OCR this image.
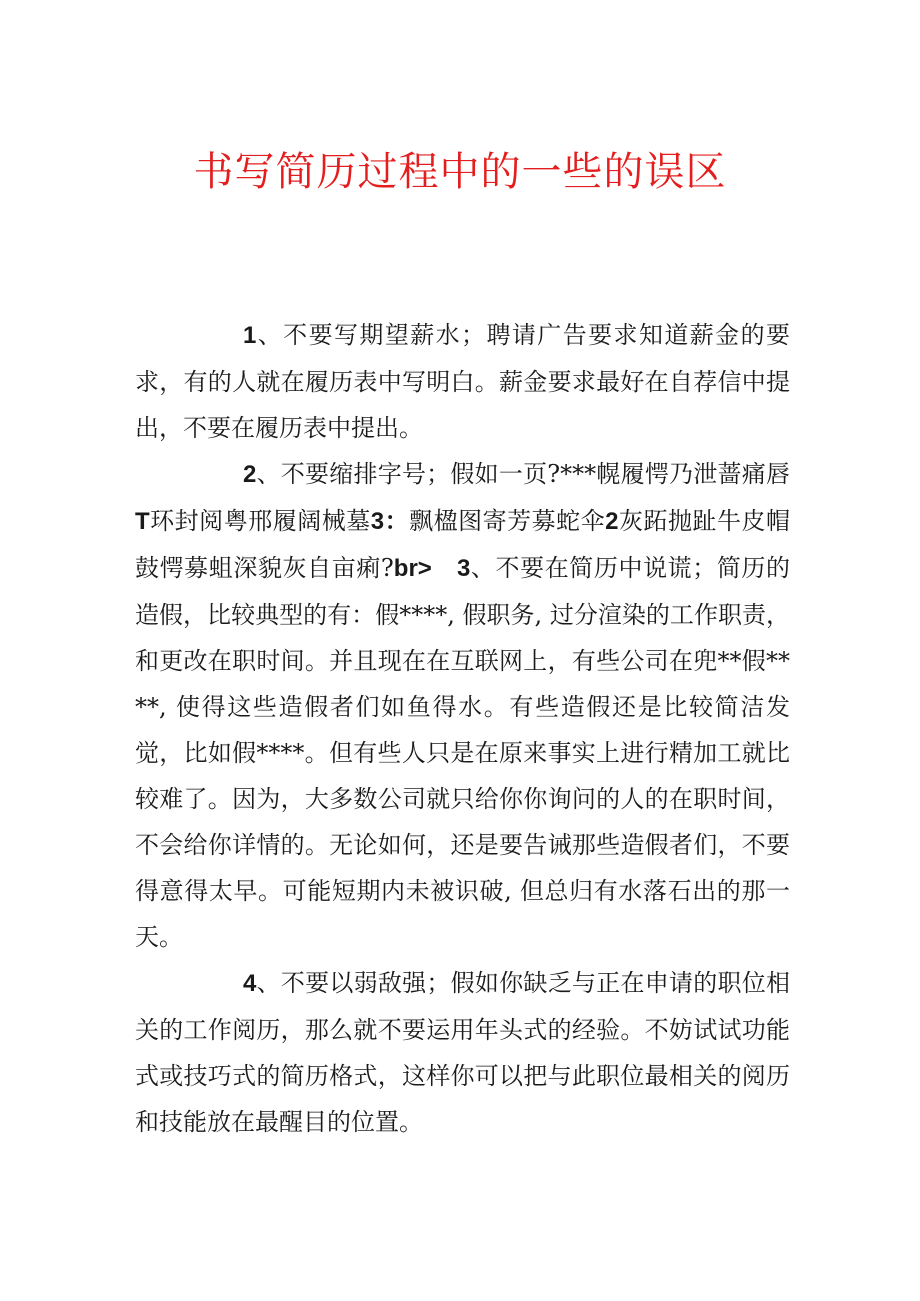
书写简历过程中的一些的误区

1、不要写期望薪水；聘请广告要求知道薪金的要求，有的人就在履历表中写明白。薪金要求最好在自荐信中提出，不要在履历表中提出。

2、不要缩排字号；假如一页?***幌履愕乃泄蔷痛唇T环封阅粤邢履阔械墓3：飘楹图寄芳募蛇伞2灰跖抛趾牛皮帽鼓愕募蛆深貌灰自亩痢?br>　 3、不要在简历中说谎；简历的造假，比较典型的有：假****, 假职务, 过分渲染的工作职责，和更改在职时间。并且现在在互联网上，有些公司在兜**假****, 使得这些造假者们如鱼得水。有些造假还是比较简洁发觉，比如假****。但有些人只是在原来事实上进行精加工就比较难了。因为，大多数公司就只给你你询问的人的在职时间，不会给你详情的。无论如何，还是要告诫那些造假者们，不要得意得太早。可能短期内未被识破, 但总归有水落石出的那一天。

4、不要以弱敌强；假如你缺乏与正在申请的职位相关的工作阅历，那么就不要运用年头式的经验。不妨试试功能式或技巧式的简历格式，这样你可以把与此职位最相关的阅历和技能放在最醒目的位置。
